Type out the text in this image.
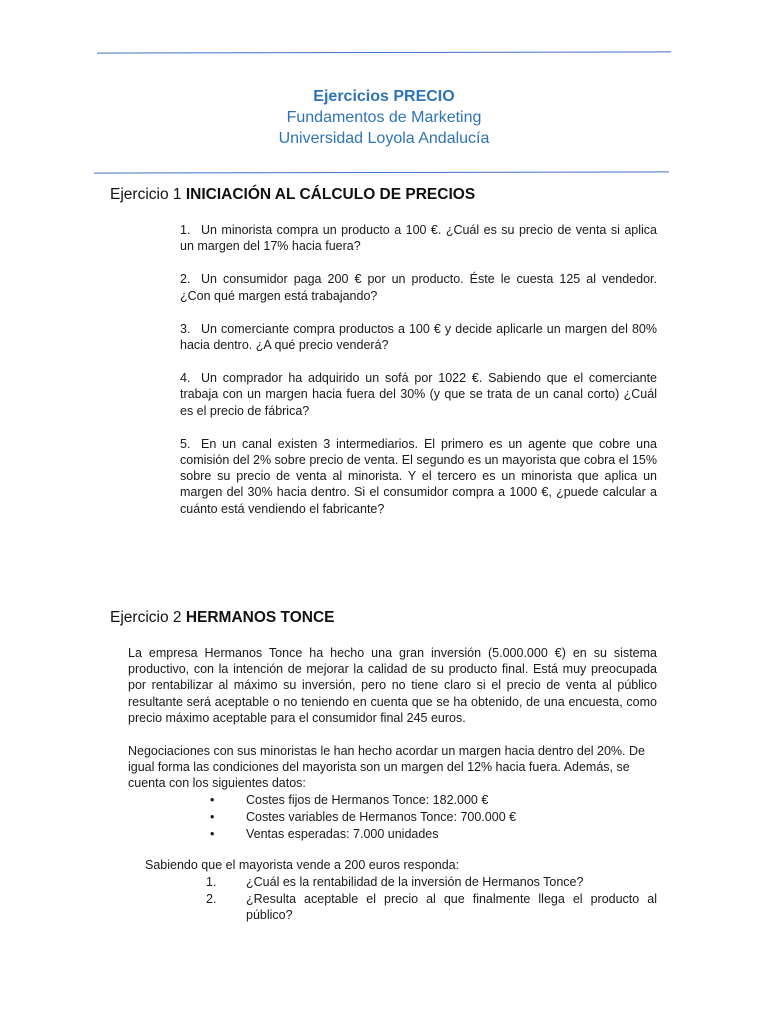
Ejercicios PRECIO
Fundamentos de Marketing
Universidad Loyola Andalucía
Ejercicio 1 INICIACIÓN AL CÁLCULO DE PRECIOS
1. Un minorista compra un producto a 100 €. ¿Cuál es su precio de venta si aplica un margen del 17% hacia fuera?
2. Un consumidor paga 200 € por un producto. Éste le cuesta 125 al vendedor. ¿Con qué margen está trabajando?
3. Un comerciante compra productos a 100 € y decide aplicarle un margen del 80% hacia dentro. ¿A qué precio venderá?
4. Un comprador ha adquirido un sofá por 1022 €. Sabiendo que el comerciante trabaja con un margen hacia fuera del 30% (y que se trata de un canal corto) ¿Cuál es el precio de fábrica?
5. En un canal existen 3 intermediarios. El primero es un agente que cobre una comisión del 2% sobre precio de venta. El segundo es un mayorista que cobra el 15% sobre su precio de venta al minorista. Y el tercero es un minorista que aplica un margen del 30% hacia dentro. Si el consumidor compra a 1000 €, ¿puede calcular a cuánto está vendiendo el fabricante?
Ejercicio 2 HERMANOS TONCE

La empresa Hermanos Tonce ha hecho una gran inversión (5.000.000 €) en su sistema productivo, con la intención de mejorar la calidad de su producto final. Está muy preocupada por rentabilizar al máximo su inversión, pero no tiene claro si el precio de venta al público resultante será aceptable o no teniendo en cuenta que se ha obtenido, de una encuesta, como precio máximo aceptable para el consumidor final 245 euros.

Negociaciones con sus minoristas le han hecho acordar un margen hacia dentro del 20%. De igual forma las condiciones del mayorista son un margen del 12% hacia fuera. Además, se cuenta con los siguientes datos:

•	Costes fijos de Hermanos Tonce: 182.000 €
•	Costes variables de Hermanos Tonce: 700.000 €
•	Ventas esperadas: 7.000 unidades

Sabiendo que el mayorista vende a 200 euros responda:

1. ¿Cuál es la rentabilidad de la inversión de Hermanos Tonce?
2. ¿Resulta aceptable el precio al que finalmente llega el producto al público?
